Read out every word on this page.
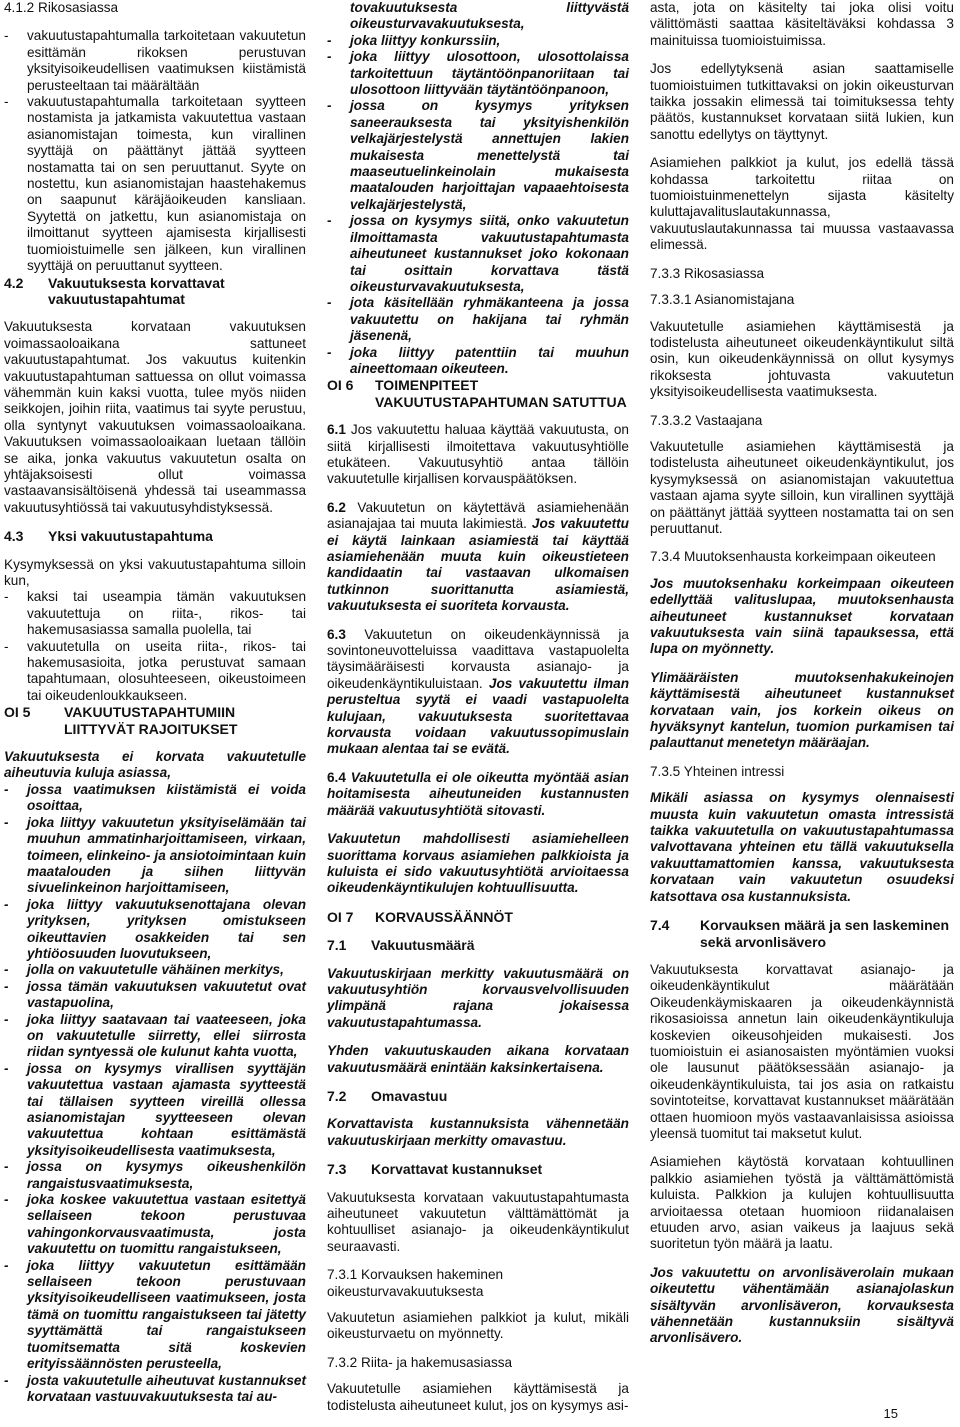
4.1.2 Rikosasiassa
- vakuutustapahtumalla tarkoitetaan vakuutetun esittämän rikoksen perustuvan yksityisoikeudellisen vaatimuksen kiistämistä perusteeltaan tai määrältään
- vakuutustapahtumalla tarkoitetaan syytteen nostamista ja jatkamista vakuutettua vastaan asianomistajan toimesta, kun virallinen syyttäjä on päättänyt jättää syytteen nostamatta tai on sen peruuttanut. Syyte on nostettu, kun asianomistajan haastehakemus on saapunut käräjäoikeuden kansliaan. Syytettä on jatkettu, kun asianomistaja on ilmoittanut syytteen ajamisesta kirjallisesti tuomioistuimelle sen jälkeen, kun virallinen syyttäjä on peruuttanut syytteen.
4.2	Vakuutuksesta korvattavat vakuutustapahtumat
Vakuutuksesta korvataan vakuutuksen voimassaoloaikana sattuneet vakuutustapahtumat. Jos vakuutus kuitenkin vakuutustapahtuman sattuessa on ollut voimassa vähemmän kuin kaksi vuotta, tulee myös niiden seikkojen, joihin riita, vaatimus tai syyte perustuu, olla syntynyt vakuutuksen voimassaoloaikana. Vakuutuksen voimassaoloaikaan luetaan tällöin se aika, jonka vakuutus vakuutetun osalta on yhtäjaksoisesti ollut voimassa vastaavansisältöisenä yhdessä tai useammassa vakuutusyhtiössä tai vakuutusyhdistyksessä.
4.3	Yksi vakuutustapahtuma
Kysymyksessä on yksi vakuutustapahtuma silloin kun,
- kaksi tai useampia tämän vakuutuksen vakuutettuja on riita-, rikos- tai hakemusasiassa samalla puolella, tai
- vakuutetulla on useita riita-, rikos- tai hakemusasioita, jotka perustuvat samaan tapahtumaan, olosuhteeseen, oikeustoimeen tai oikeudenloukkaukseen.
OI 5	VAKUUTUSTAPAHTUMIIN LIITTYVÄT RAJOITUKSET
Vakuutuksesta ei korvata vakuutetulle aiheutuvia kuluja asiassa,
- jossa vaatimuksen kiistämistä ei voida osoittaa,
- joka liittyy vakuutetun yksityiselämään tai muuhun ammatinharjoittamiseen, virkaan, toimeen, elinkeino- ja ansiotoimintaan kuin maatalouden ja siihen liittyvän sivuelinkeinon harjoittamiseen,
- joka liittyy vakuutuksenottajana olevan yrityksen, yrityksen omistukseen oikeuttavien osakkeiden tai sen yhtiöosuuden luovutukseen,
- jolla on vakuutetulle vähäinen merkitys,
- jossa tämän vakuutuksen vakuutetut ovat vastapuolina,
- joka liittyy saatavaan tai vaateeseen, joka on vakuutetulle siirretty, ellei siirrosta riidan syntyessä ole kulunut kahta vuotta,
- jossa on kysymys virallisen syyttäjän vakuutettua vastaan ajamasta syytteestä tai tällaisen syytteen vireillä ollessa asianomistajan syytteeseen olevan vakuutettua kohtaan esittämästä yksityisoikeudellisesta vaatimuksesta,
- jossa on kysymys oikeushenkilön rangaistusvaatimuksesta,
- joka koskee vakuutettua vastaan esitettyä sellaiseen tekoon perustuvaa vahingonkorvausvaatimusta, josta vakuutettu on tuomittu rangaistukseen,
- joka liittyy vakuutetun esittämään sellaiseen tekoon perustuvaan yksityisoikeudelliseen vaatimukseen, josta tämä on tuomittu rangaistukseen tai jätetty syyttämättä tai rangaistukseen tuomitsematta sitä koskevien erityissäännösten perusteella,
- josta vakuutetulle aiheutuvat kustannukset korvataan vastuuvakuutuksesta tai au-
tovakuutuksesta liittyvästä oikeusturvavakuutuksesta,
- joka liittyy konkurssiin,
- joka liittyy ulosottoon, ulosottolaissa tarkoitettuun täytäntöönpanoriitaan tai ulosottoon liittyvään täytäntöönpanoon,
- jossa on kysymys yrityksen saneerauksesta tai yksityishenkilön velkajärjestelystä annettujen lakien mukaisesta menettelystä tai maaseutuelinkeinolain mukaisesta maatalouden harjoittajan vapaaehtoisesta velkajärjestelystä,
- jossa on kysymys siitä, onko vakuutetun ilmoittamasta vakuutustapahtumasta aiheutuneet kustannukset joko kokonaan tai osittain korvattava tästä oikeusturvavakuutuksesta,
- jota käsitellään ryhmäkanteena ja jossa vakuutettu on hakijana tai ryhmän jäsenenä,
- joka liittyy patenttiin tai muuhun aineettomaan oikeuteen.
OI 6	TOIMENPITEET VAKUUTUSTAPAHTUMAN SATUTTUA
6.1 Jos vakuutettu haluaa käyttää vakuutusta, on siitä kirjallisesti ilmoitettava vakuutusyhtiölle etukäteen. Vakuutusyhtiö antaa tällöin vakuutetulle kirjallisen korvauspäätöksen.
6.2 Vakuutetun on käytettävä asiamiehenään asianajajaa tai muuta lakimiestä. Jos vakuutettu ei käytä lainkaan asiamiestä tai käyttää asiamiehenään muuta kuin oikeustieteen kandidaatin tai vastaavan ulkomaisen tutkinnon suorittanutta asiamiestä, vakuutuksesta ei suoriteta korvausta.
6.3 Vakuutetun on oikeudenkäynnissä ja sovintoneuvotteluissa vaadittava vastapuolelta täysimääräisesti korvausta asianajo- ja oikeudenkäyntikuluistaan. Jos vakuutettu ilman perusteltua syytä ei vaadi vastapuolelta kulujaan, vakuutuksesta suoritettavaa korvausta voidaan vakuutussopimuslain mukaan alentaa tai se evätä.
6.4 Vakuutetulla ei ole oikeutta myöntää asian hoitamisesta aiheutuneiden kustannusten määrää vakuutusyhtiötä sitovasti.
Vakuutetun mahdollisesti asiamiehelleen suorittama korvaus asiamiehen palkkioista ja kuluista ei sido vakuutusyhtiötä arvioitaessa oikeudenkäyntikulujen kohtuullisuutta.
OI 7	KORVAUSSÄÄNNÖT
7.1	Vakuutusmäärä
Vakuutuskirjaan merkitty vakuutusmäärä on vakuutusyhtiön korvausvelvollisuuden ylimpänä rajana jokaisessa vakuutustapahtumassa.
Yhden vakuutuskauden aikana korvataan vakuutusmäärä enintään kaksinkertaisena.
7.2	Omavastuu
Korvattavista kustannuksista vähennetään vakuutuskirjaan merkitty omavastuu.
7.3	Korvattavat kustannukset
Vakuutuksesta korvataan vakuutustapahtumasta aiheutuneet vakuutetun välttämättömät ja kohtuulliset asianajo- ja oikeudenkäyntikulut seuraavasti.
7.3.1 Korvauksen hakeminen oikeusturvavakuutuksesta
Vakuutetun asiamiehen palkkiot ja kulut, mikäli oikeusturvaetu on myönnetty.
7.3.2 Riita- ja hakemusasiassa
Vakuutetulle asiamiehen käyttämisestä ja todistelusta aiheutuneet kulut, jos on kysymys asi-
asta, jota on käsitelty tai joka olisi voitu välittömästi saattaa käsiteltäväksi kohdassa 3 mainituissa tuomioistuimissa.
Jos edellytyksenä asian saattamiselle tuomioistuimen tutkittavaksi on jokin oikeusturvan taikka jossakin elimessä tai toimituksessa tehty päätös, kustannukset korvataan siitä lukien, kun sanottu edellytys on täyttynyt.
Asiamiehen palkkiot ja kulut, jos edellä tässä kohdassa tarkoitettu riitaa on tuomioistuinmenettelyn sijasta käsitelty kuluttajavalituslautakunnassa, vakuutuslautakunnassa tai muussa vastaavassa elimessä.
7.3.3 Rikosasiassa
7.3.3.1 Asianomistajana
Vakuutetulle asiamiehen käyttämisestä ja todistelusta aiheutuneet oikeudenkäyntikulut siltä osin, kun oikeudenkäynnissä on ollut kysymys rikoksesta johtuvasta vakuutetun yksityisoikeudellisesta vaatimuksesta.
7.3.3.2 Vastaajana
Vakuutetulle asiamiehen käyttämisestä ja todistelusta aiheutuneet oikeudenkäyntikulut, jos kysymyksessä on asianomistajan vakuutettua vastaan ajama syyte silloin, kun virallinen syyttäjä on päättänyt jättää syytteen nostamatta tai on sen peruuttanut.
7.3.4 Muutoksenhausta korkeimpaan oikeuteen
Jos muutoksenhaku korkeimpaan oikeuteen edellyttää valituslupaa, muutoksenhausta aiheutuneet kustannukset korvataan vakuutuksesta vain siinä tapauksessa, että lupa on myönnetty.
Ylimääräisten muutoksenhakukeinojen käyttämisestä aiheutuneet kustannukset korvataan vain, jos korkein oikeus on hyväksynyt kantelun, tuomion purkamisen tai palauttanut menetetyn määräajan.
7.3.5 Yhteinen intressi
Mikäli asiassa on kysymys olennaisesti muusta kuin vakuutetun omasta intressistä taikka vakuutetulla on vakuutustapahtumassa valvottavana yhteinen etu tällä vakuutuksella vakuuttamattomien kanssa, vakuutuksesta korvataan vain vakuutetun osuudeksi katsottava osa kustannuksista.
7.4	Korvauksen määrä ja sen laskeminen sekä arvonlisävero
Vakuutuksesta korvattavat asianajo- ja oikeudenkäyntikulut määrätään Oikeudenkäymiskaaren ja oikeudenkäynnistä rikosasioissa annetun lain oikeudenkäyntikuluja koskevien oikeusohjeiden mukaisesti. Jos tuomioistuin ei asianosaisten myöntämien vuoksi ole lausunut päätöksessään asianajo- ja oikeudenkäyntikuluista, tai jos asia on ratkaistu sovintoteitse, korvattavat kustannukset määrätään ottaen huomioon myös vastaavanlaisissa asioissa yleensä tuomitut tai maksetut kulut.
Asiamiehen käytöstä korvataan kohtuullinen palkkio asiamiehen työstä ja välttämättömistä kuluista. Palkkion ja kulujen kohtuullisuutta arvioitaessa otetaan huomioon riidanalaisen etuuden arvo, asian vaikeus ja laajuus sekä suoritetun työn määrä ja laatu.
Jos vakuutettu on arvonlisäverolain mukaan oikeutettu vähentämään asianajolaskun sisältyvän arvonlisäveron, korvauksesta vähennetään kustannuksiin sisältyvä arvonlisävero.
15
